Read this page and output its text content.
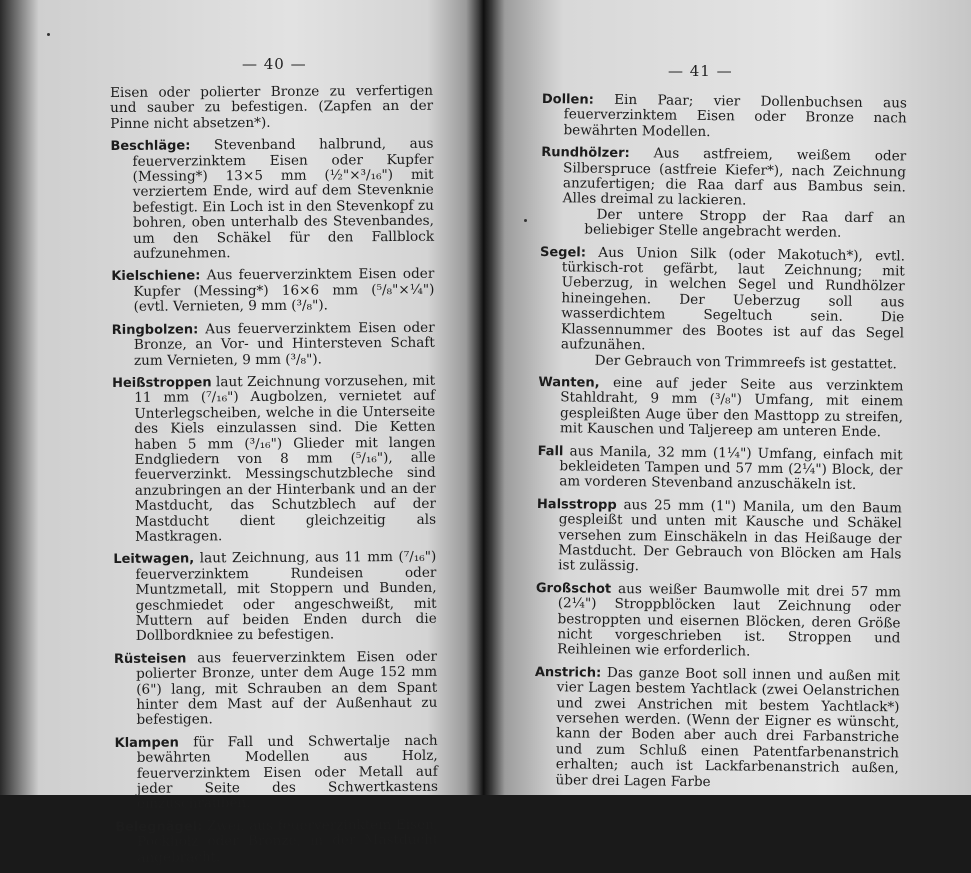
— 40 —
Eisen oder polierter Bronze zu verfertigen und sauber zu befestigen. (Zapfen an der Pinne nicht absetzen*).
Beschläge: Stevenband halbrund, aus feuerverzinktem Eisen oder Kupfer (Messing*) 13×5 mm (½"×³/₁₆") mit verziertem Ende, wird auf dem Stevenknie befestigt. Ein Loch ist in den Stevenkopf zu bohren, oben unterhalb des Stevenbandes, um den Schäkel für den Fallblock aufzunehmen.
Kielschiene: Aus feuerverzinktem Eisen oder Kupfer (Messing*) 16×6 mm (⁵/₈"×¼") (evtl. Vernieten, 9 mm (³/₈").
Ringbolzen: Aus feuerverzinktem Eisen oder Bronze, an Vor- und Hintersteven Schaft zum Vernieten, 9 mm (³/₈").
Heißstroppen laut Zeichnung vorzusehen, mit 11 mm (⁷/₁₆") Augbolzen, vernietet auf Unterlegscheiben, welche in die Unterseite des Kiels einzulassen sind. Die Ketten haben 5 mm (³/₁₆") Glieder mit langen Endgliedern von 8 mm (⁵/₁₆"), alle feuerverzinkt. Messingschutzbleche sind anzubringen an der Hinterbank und an der Mastducht, das Schutzblech auf der Mastducht dient gleichzeitig als Mastkragen.
Leitwagen, laut Zeichnung, aus 11 mm (⁷/₁₆") feuerverzinktem Rundeisen oder Muntzmetall, mit Stoppern und Bunden, geschmiedet oder angeschweißt, mit Muttern auf beiden Enden durch die Dollbordkniee zu befestigen.
Rüsteisen aus feuerverzinktem Eisen oder polierter Bronze, unter dem Auge 152 mm (6") lang, mit Schrauben an dem Spant hinter dem Mast auf der Außenhaut zu befestigen.
Klampen für Fall und Schwertalje nach bewährten Modellen aus Holz, feuerverzinktem Eisen oder Metall auf jeder Seite des Schwertkastens einzuschrauben.
Belegnägel: Zwei, aus feuerverzinktem Eisen, Pockholz oder Bronze, in der Mastducht angebracht.
— 41 —
Dollen: Ein Paar; vier Dollenbuchsen aus feuerverzinktem Eisen oder Bronze nach bewährten Modellen.
Rundhölzer: Aus astfreiem, weißem oder Silberspruce (astfreie Kiefer*), nach Zeichnung anzufertigen; die Raa darf aus Bambus sein. Alles dreimal zu lackieren.
Der untere Stropp der Raa darf an beliebiger Stelle angebracht werden.
Segel: Aus Union Silk (oder Makotuch*), evtl. türkisch-rot gefärbt, laut Zeichnung; mit Ueberzug, in welchen Segel und Rundhölzer hineingehen. Der Ueberzug soll aus wasserdichtem Segeltuch sein. Die Klassennummer des Bootes ist auf das Segel aufzunähen.
Der Gebrauch von Trimmreefs ist gestattet.
Wanten, eine auf jeder Seite aus verzinktem Stahldraht, 9 mm (³/₈") Umfang, mit einem gespleißten Auge über den Masttopp zu streifen, mit Kauschen und Taljereep am unteren Ende.
Fall aus Manila, 32 mm (1¼") Umfang, einfach mit bekleideten Tampen und 57 mm (2¼") Block, der am vorderen Stevenband anzuschäkeln ist.
Halsstropp aus 25 mm (1") Manila, um den Baum gespleißt und unten mit Kausche und Schäkel versehen zum Einschäkeln in das Heißauge der Mastducht. Der Gebrauch von Blöcken am Hals ist zulässig.
Großschot aus weißer Baumwolle mit drei 57 mm (2¼") Stroppblöcken laut Zeichnung oder bestroppten und eisernen Blöcken, deren Größe nicht vorgeschrieben ist. Stroppen und Reihleinen wie erforderlich.
Anstrich: Das ganze Boot soll innen und außen mit vier Lagen bestem Yachtlack (zwei Oelanstrichen und zwei Anstrichen mit bestem Yachtlack*) versehen werden. (Wenn der Eigner es wünscht, kann der Boden aber auch drei Farbanstriche und zum Schluß einen Patentfarbenanstrich erhalten; auch ist Lackfarbenanstrich außen, über drei Lagen Farbe
